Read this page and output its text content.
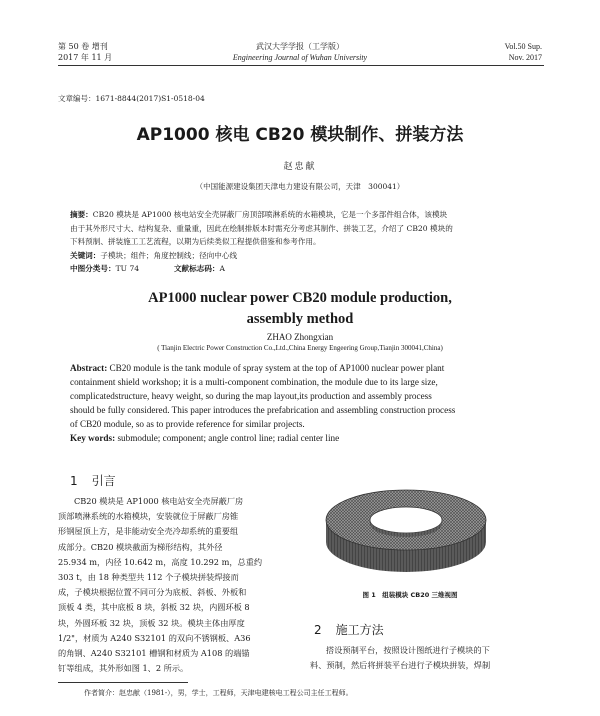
第 50 卷 增刊
2017 年 11 月
武汉大学学报（工学版）
Engineering Journal of Wuhan University
Vol.50 Sup.
Nov. 2017
文章编号：1671-8844(2017)S1-0518-04
AP1000 核电 CB20 模块制作、拼装方法
赵忠献
（中国能源建设集团天津电力建设有限公司，天津　300041）
摘要：CB20 模块是 AP1000 核电站安全壳屏蔽厂房顶部喷淋系统的水箱模块，它是一个多部件组合体，该模块
由于其外形尺寸大、结构复杂、重量重，因此在绘制排版本时需充分考虑其制作、拼装工艺，介绍了 CB20 模块的
下料预制、拼装施工工艺流程，以期为后续类似工程提供借鉴和参考作用。
关键词：子模块；组件；角度控制线；径向中心线
中图分类号：TU 74	文献标志码：A
AP1000 nuclear power CB20 module production,
assembly method
ZHAO Zhongxian
( Tianjin Electric Power Construction Co.,Ltd.,China Energy Engeering Group,Tianjin 300041,China)
Abstract: CB20 module is the tank module of spray system at the top of AP1000 nuclear power plant
containment shield workshop; it is a multi-component combination, the module due to its large size,
complicatedstructure, heavy weight, so during the map layout,its production and assembly process
should be fully considered. This paper introduces the prefabrication and assembling construction process
of CB20 module, so as to provide reference for similar projects.
Key words: submodule; component; angle control line; radial center line
1 引言
CB20 模块是 AP1000 核电站安全壳屏蔽厂房
顶部喷淋系统的水箱模块，安装就位于屏蔽厂房锥
形钢屋顶上方，是非能动安全壳冷却系统的重要组
成部分。CB20 模块截面为梯形结构，其外径
25.934 m，内径 10.642 m，高度 10.292 m，总重约
303 t，由 18 种类型共 112 个子模块拼装焊接而
成，子模块根据位置不同可分为底板、斜板、外板和
顶板 4 类，其中底板 8 块，斜板 32 块，内圆环板 8
块，外圆环板 32 块，顶板 32 块。模块主体由厚度
1/2"，材质为 A240 S32101 的双向不锈钢板、A36
的角钢、A240 S32101 槽钢和材质为 A108 的端锚
钉等组成，其外形如图 1、2 所示。
图 1　组装模块 CB20 三维视图
2 施工方法
搭设预制平台，按照设计图纸进行子模块的下
料、预制，然后将拼装平台进行子模块拼装，焊制
作者简介：赵忠献（1981-），男，学士，工程师，天津电建核电工程公司主任工程师。
